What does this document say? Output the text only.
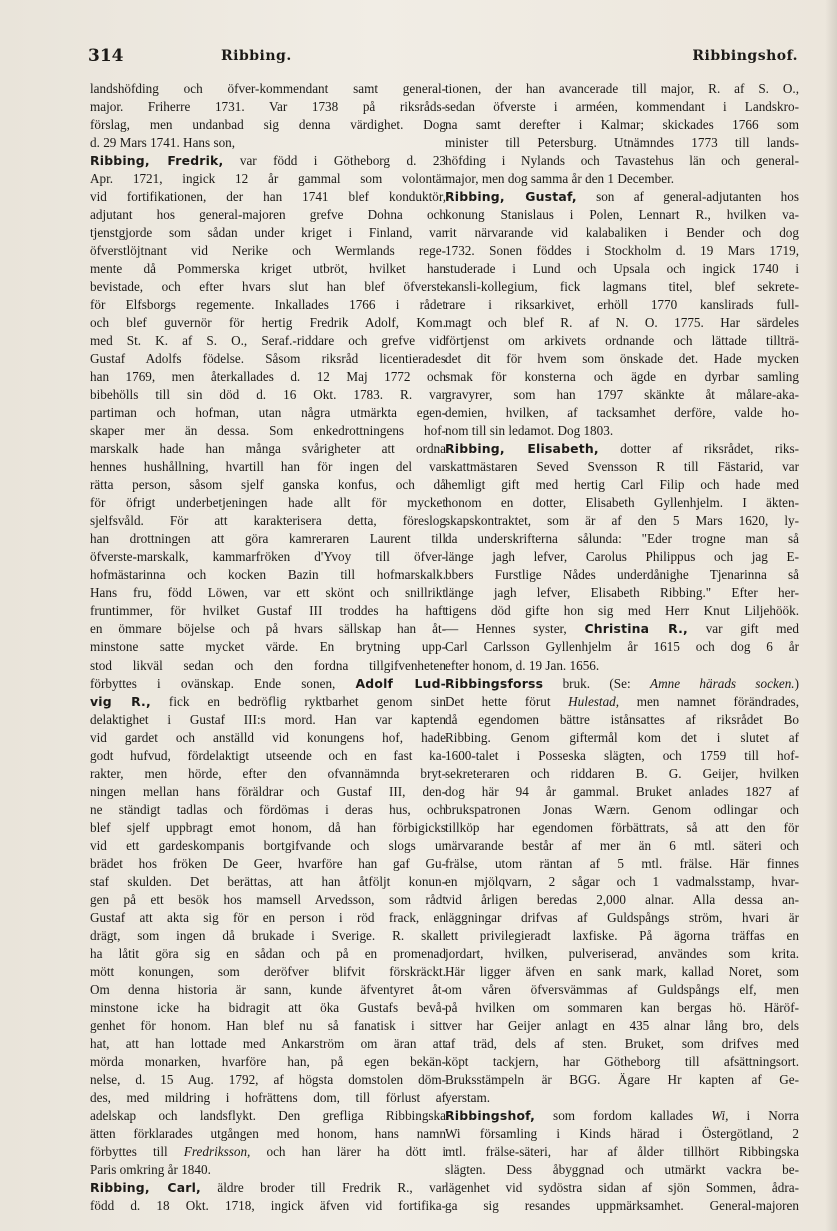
314	Ribbing.	Ribbingshof.
landshöfding och öfver-kommendant samt general-
major. Friherre 1731. Var 1738 på riksråds-
förslag, men undanbad sig denna värdighet. Dog
d. 29 Mars 1741. Hans son,
Ribbing, Fredrik, var född i Götheborg d. 23
Apr. 1721, ingick 12 år gammal som volontär
vid fortifikationen, der han 1741 blef konduktör,
adjutant hos general-majoren grefve Dohna och
tjenstgjorde som sådan under kriget i Finland, var
öfverstlöjtnant vid Nerike och Wermlands rege-
mente då Pommerska kriget utbröt, hvilket han
bevistade, och efter hvars slut han blef öfverste
för Elfsborgs regemente. Inkallades 1766 i rådet
och blef guvernör för hertig Fredrik Adolf, Kom.
med St. K. af S. O., Seraf.-riddare och grefve vid
Gustaf Adolfs födelse. Såsom riksråd licentierades
han 1769, men återkallades d. 12 Maj 1772 och
bibehölls till sin död d. 16 Okt. 1783. R. var
partiman och hofman, utan några utmärkta egen-
skaper mer än dessa. Som enkedrottningens hof-
marskalk hade han många svårigheter att ordna
hennes hushållning, hvartill han för ingen del var
rätta person, såsom sjelf ganska konfus, och då
för öfrigt underbetjeningen hade allt för mycket
sjelfsvåld. För att karakterisera detta, föreslog
han drottningen att göra kamreraren Laurent till
öfverste-marskalk, kammarfröken d'Yvoy till öfver-
hofmästarinna och kocken Bazin till hofmarskalk.
Hans fru, född Löwen, var ett skönt och snillrikt
fruntimmer, för hvilket Gustaf III troddes ha haft
en ömmare böjelse och på hvars sällskap han åt-
minstone satte mycket värde. En brytning upp-
stod likväl sedan och den fordna tillgifvenheten
förbyttes i ovänskap. Ende sonen, Adolf Lud-
vig R., fick en bedröflig ryktbarhet genom sin
delaktighet i Gustaf III:s mord. Han var kapten
vid gardet och anställd vid konungens hof, hade
godt hufvud, fördelaktigt utseende och en fast ka-
rakter, men hörde, efter den ofvannämnda bryt-
ningen mellan hans föräldrar och Gustaf III, den-
ne ständigt tadlas och fördömas i deras hus, och
blef sjelf uppbragt emot honom, då han förbigicks
vid ett gardeskompanis bortgifvande och slogs ur
brädet hos fröken De Geer, hvarföre han gaf Gu-
staf skulden. Det berättas, att han åtföljt konun-
gen på ett besök hos mamsell Arvedsson, som rådt
Gustaf att akta sig för en person i röd frack, en
drägt, som ingen då brukade i Sverige. R. skall
ha låtit göra sig en sådan och på en promenad
mött konungen, som deröfver blifvit förskräckt.
Om denna historia är sann, kunde äfventyret åt-
minstone icke ha bidragit att öka Gustafs bevå-
genhet för honom. Han blef nu så fanatisk i sitt
hat, att han lottade med Ankarström om äran att
mörda monarken, hvarföre han, på egen bekän-
nelse, d. 15 Aug. 1792, af högsta domstolen döm-
des, med mildring i hofrättens dom, till förlust af
adelskap och landsflykt. Den grefliga Ribbingska
ätten förklarades utgången med honom, hans namn
förbyttes till Fredriksson, och han lärer ha dött i
Paris omkring år 1840.
Ribbing, Carl, äldre broder till Fredrik R., var
född d. 18 Okt. 1718, ingick äfven vid fortifika-
tionen, der han avancerade till major, R. af S. O.,
sedan öfverste i arméen, kommendant i Landskro-
na samt derefter i Kalmar; skickades 1766 som
minister till Petersburg. Utnämndes 1773 till lands-
höfding i Nylands och Tavastehus län och general-
major, men dog samma år den 1 December.
Ribbing, Gustaf, son af general-adjutanten hos
konung Stanislaus i Polen, Lennart R., hvilken va-
rit närvarande vid kalabaliken i Bender och dog
1732. Sonen föddes i Stockholm d. 19 Mars 1719,
studerade i Lund och Upsala och ingick 1740 i
kansli-kollegium, fick lagmans titel, blef sekrete-
rare i riksarkivet, erhöll 1770 kanslirads full-
magt och blef R. af N. O. 1775. Har särdeles
förtjenst om arkivets ordnande och lättade tillträ-
det dit för hvem som önskade det. Hade mycken
smak för konsterna och ägde en dyrbar samling
gravyrer, som han 1797 skänkte åt målare-aka-
demien, hvilken, af tacksamhet derföre, valde ho-
nom till sin ledamot. Dog 1803.
Ribbing, Elisabeth, dotter af riksrådet, riks-
skattmästaren Seved Svensson R till Fästarid, var
hemligt gift med hertig Carl Filip och hade med
honom en dotter, Elisabeth Gyllenhjelm. I äkten-
skapskontraktet, som är af den 5 Mars 1620, ly-
da underskrifterna sålunda: "Eder trogne man så
länge jagh lefver, Carolus Philippus och jag E-
bbers Furstlige Nådes underdånighe Tjenarinna så
länge jagh lefver, Elisabeth Ribbing." Efter her-
tigens död gifte hon sig med Herr Knut Liljehöök.
— Hennes syster, Christina R., var gift med
Carl Carlsson Gyllenhjelm år 1615 och dog 6 år
efter honom, d. 19 Jan. 1656.
Ribbingsforss bruk. (Se: Amne härads socken.)
Det hette förut Hulestad, men namnet förändrades,
då egendomen bättre istånsattes af riksrådet Bo
Ribbing. Genom giftermål kom det i slutet af
1600-talet i Posseska slägten, och 1759 till hof-
sekreteraren och riddaren B. G. Geijer, hvilken
dog här 94 år gammal. Bruket anlades 1827 af
brukspatronen Jonas Wærn. Genom odlingar och
tillköp har egendomen förbättrats, så att den för
närvarande består af mer än 6 mtl. säteri och
frälse, utom räntan af 5 mtl. frälse. Här finnes
en mjölqvarn, 2 sågar och 1 vadmalsstamp, hvar-
vid årligen beredas 2,000 alnar. Alla dessa an-
läggningar drifvas af Guldspångs ström, hvari är
ett privilegieradt laxfiske. På ägorna träffas en
jordart, hvilken, pulveriserad, användes som krita.
Här ligger äfven en sank mark, kallad Noret, som
om våren öfversvämmas af Guldspångs elf, men
på hvilken om sommaren kan bergas hö. Häröf-
ver har Geijer anlagt en 435 alnar lång bro, dels
af träd, dels af sten. Bruket, som drifves med
köpt tackjern, har Götheborg till afsättningsort.
Bruksstämpeln är BGG. Ägare Hr kapten af Ge-
yerstam.
Ribbingshof, som fordom kallades Wi, i Norra
Wi församling i Kinds härad i Östergötland, 2
mtl. frälse-säteri, har af ålder tillhört Ribbingska
slägten. Dess åbyggnad och utmärkt vackra be-
lägenhet vid sydöstra sidan af sjön Sommen, ådra-
ga sig resandes uppmärksamhet. General-majoren
